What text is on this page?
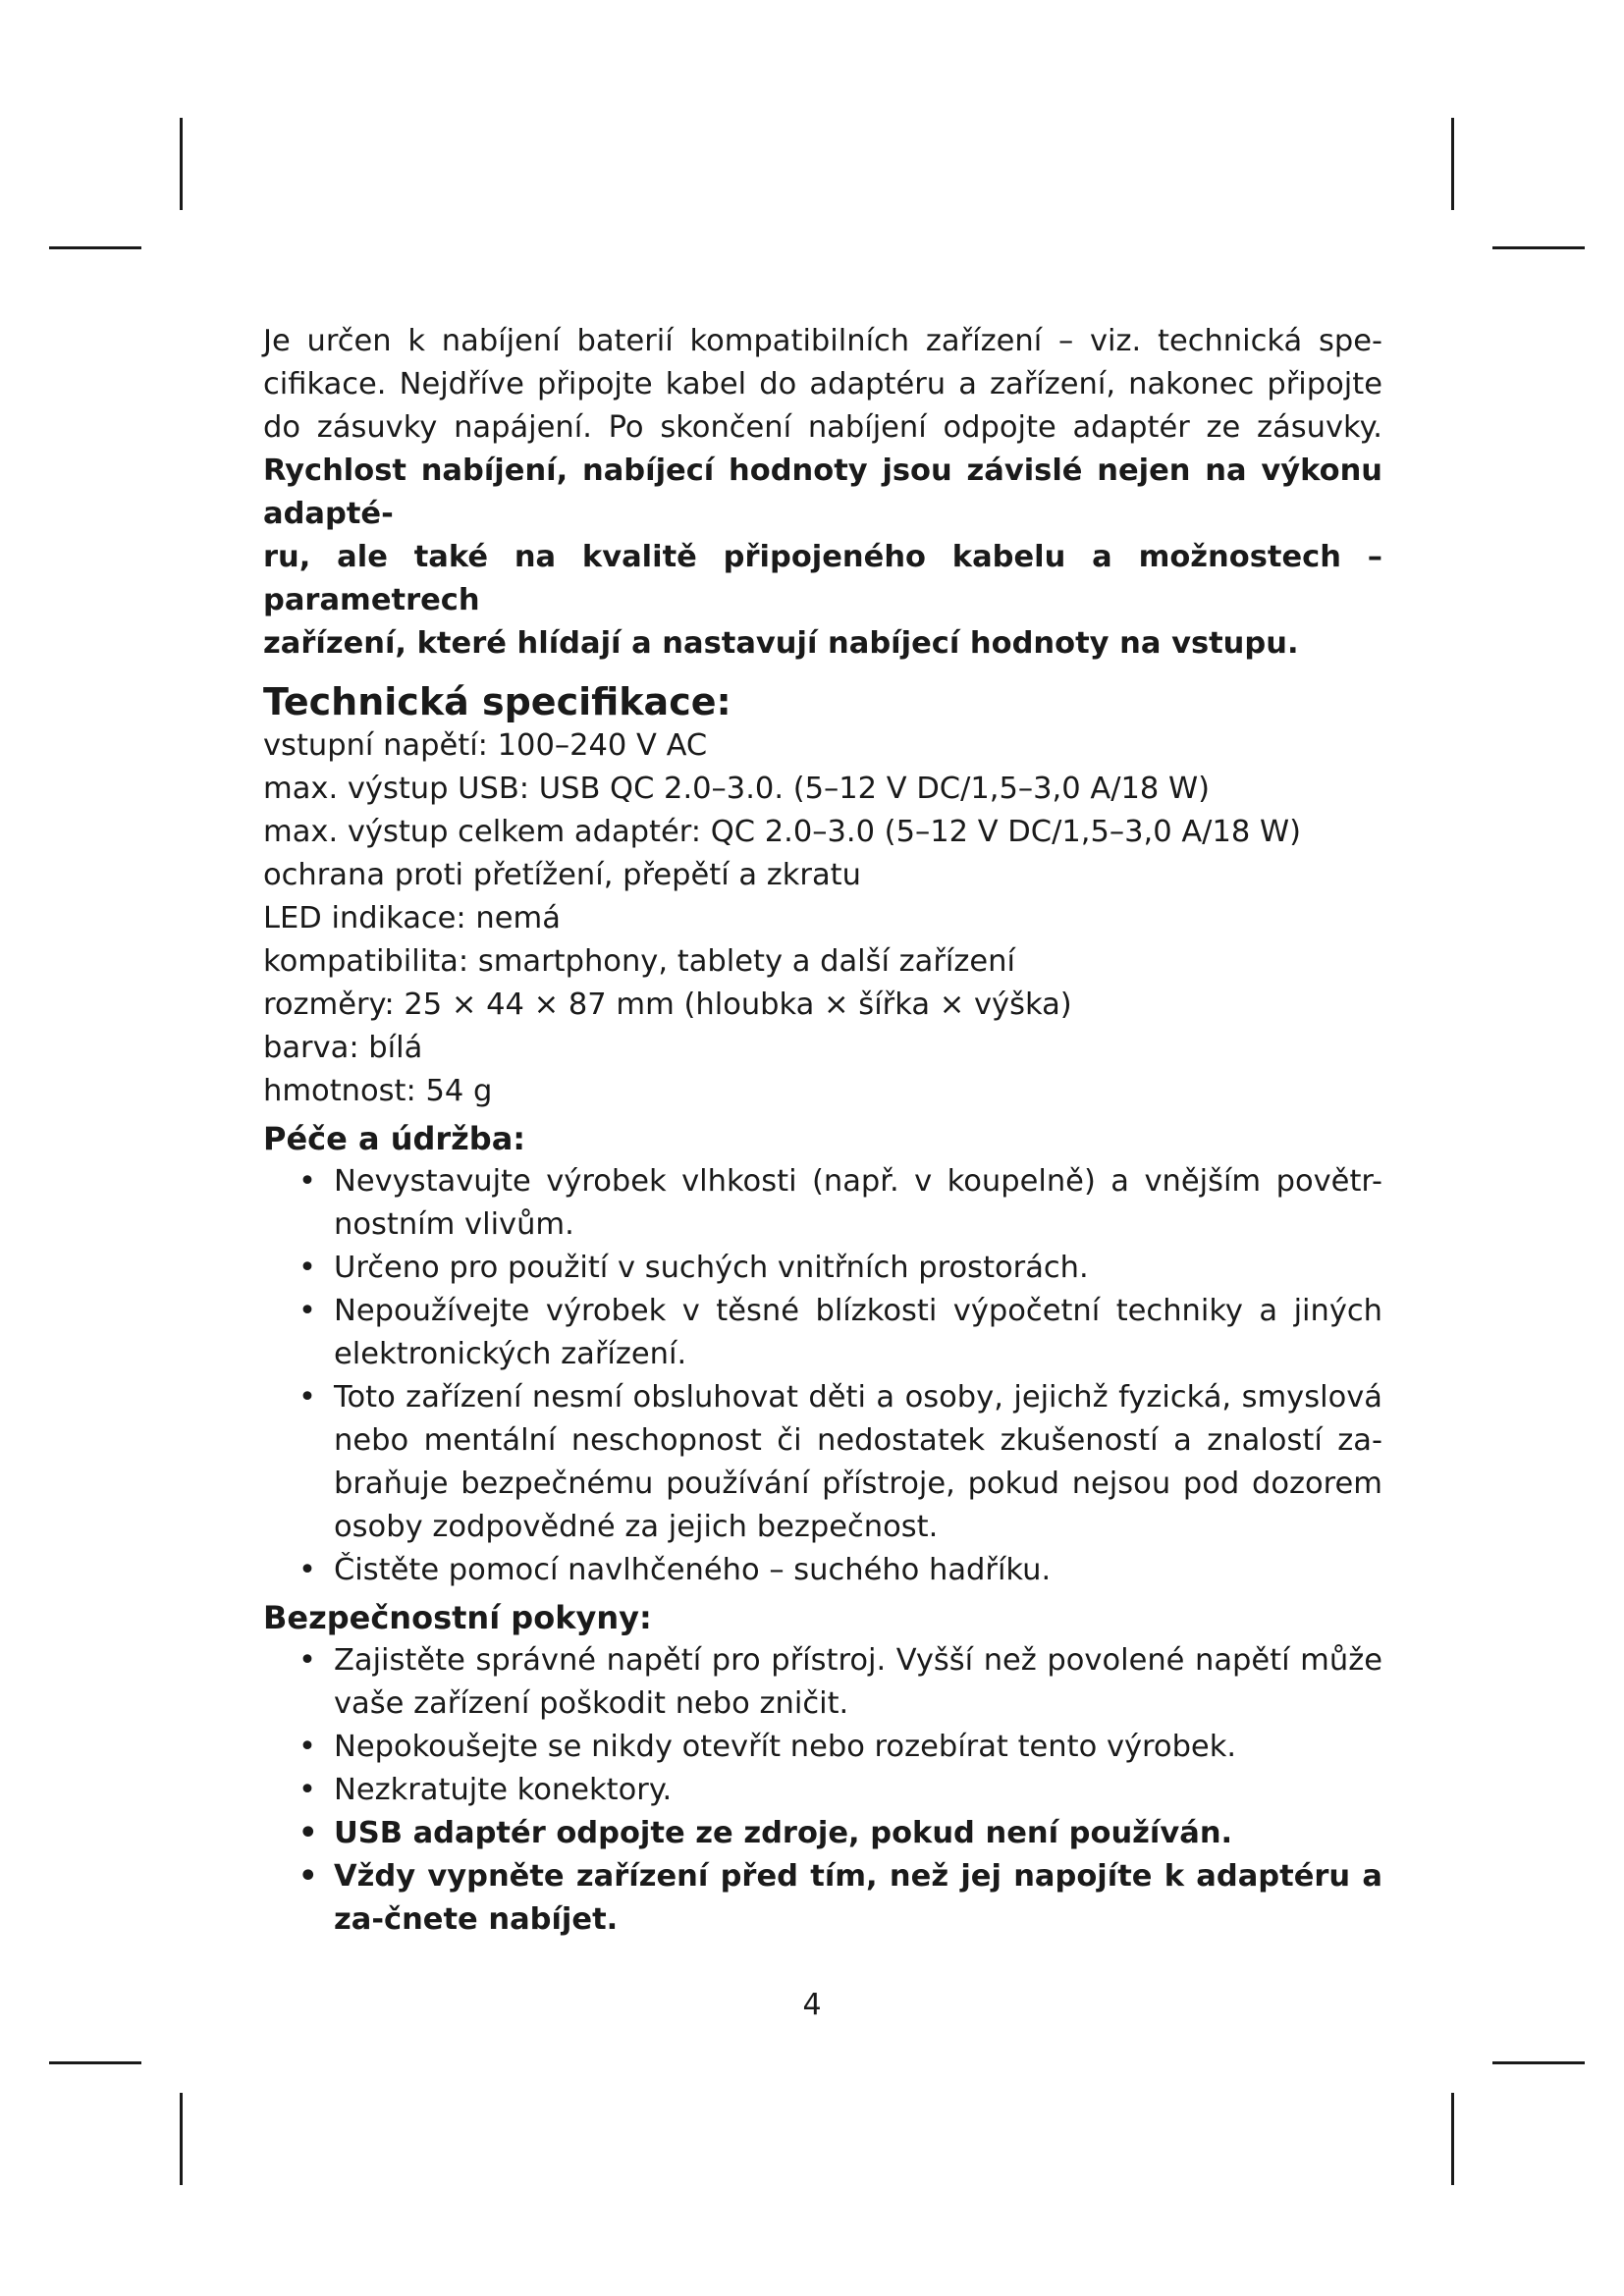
Je určen k nabíjení baterií kompatibilních zařízení – viz. technická spe-

cifikace. Nejdříve připojte kabel do adaptéru a zařízení, nakonec připojte

do zásuvky napájení. Po skončení nabíjení odpojte adaptér ze zásuvky.

Rychlost nabíjení, nabíjecí hodnoty jsou závislé nejen na výkonu adapté-

ru, ale také na kvalitě připojeného kabelu a možnostech – parametrech

zařízení, které hlídají a nastavují nabíjecí hodnoty na vstupu.

Technická specifikace:

vstupní napětí: 100–240 V AC

max. výstup USB: USB QC 2.0–3.0. (5–12 V DC/1,5–3,0 A/18 W)

max. výstup celkem adaptér: QC 2.0–3.0 (5–12 V DC/1,5–3,0 A/18 W)

ochrana proti přetížení, přepětí a zkratu

LED indikace: nemá

kompatibilita: smartphony, tablety a další zařízení

rozměry: 25 × 44 × 87 mm (hloubka × šířka × výška)

barva: bílá

hmotnost: 54 g

Péče a údržba:
• Nevystavujte výrobek vlhkosti (např. v koupelně) a vnějším povětr-nostním vlivům.
• Určeno pro použití v suchých vnitřních prostorách.
• Nepoužívejte výrobek v těsné blízkosti výpočetní techniky a jiných elektronických zařízení.
• Toto zařízení nesmí obsluhovat děti a osoby, jejichž fyzická, smyslová nebo mentální neschopnost či nedostatek zkušeností a znalostí za-braňuje bezpečnému používání přístroje, pokud nejsou pod dozorem osoby zodpovědné za jejich bezpečnost.
• Čistěte pomocí navlhčeného – suchého hadříku.
Bezpečnostní pokyny:
• Zajistěte správné napětí pro přístroj. Vyšší než povolené napětí může vaše zařízení poškodit nebo zničit.
• Nepokoušejte se nikdy otevřít nebo rozebírat tento výrobek.
• Nezkratujte konektory.
• USB adaptér odpojte ze zdroje, pokud není používán.
• Vždy vypněte zařízení před tím, než jej napojíte k adaptéru a za-čnete nabíjet.
4
